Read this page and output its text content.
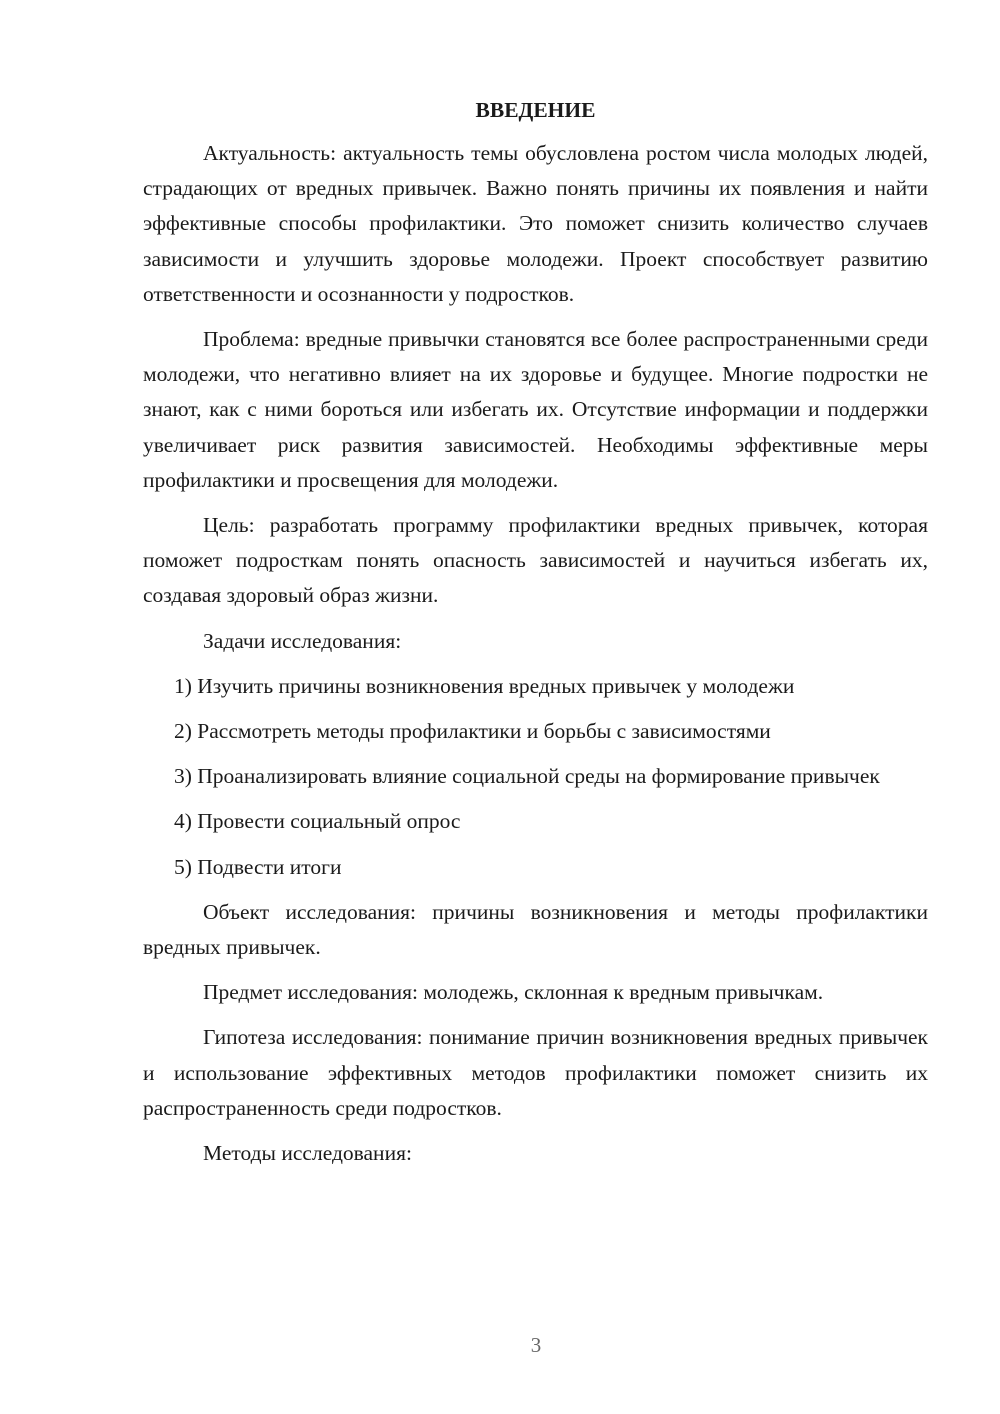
ВВЕДЕНИЕ

Актуальность: актуальность темы обусловлена ростом числа молодых людей, страдающих от вредных привычек. Важно понять причины их появления и найти эффективные способы профилактики. Это поможет снизить количество случаев зависимости и улучшить здоровье молодежи. Проект способствует развитию ответственности и осознанности у подростков.

Проблема: вредные привычки становятся все более распространенными среди молодежи, что негативно влияет на их здоровье и будущее. Многие подростки не знают, как с ними бороться или избегать их. Отсутствие информации и поддержки увеличивает риск развития зависимостей. Необходимы эффективные меры профилактики и просвещения для молодежи.

Цель: разработать программу профилактики вредных привычек, которая поможет подросткам понять опасность зависимостей и научиться избегать их, создавая здоровый образ жизни.

Задачи исследования:

1) Изучить причины возникновения вредных привычек у молодежи

2) Рассмотреть методы профилактики и борьбы с зависимостями

3) Проанализировать влияние социальной среды на формирование привычек

4) Провести социальный опрос

5) Подвести итоги

Объект исследования: причины возникновения и методы профилактики вредных привычек.

Предмет исследования: молодежь, склонная к вредным привычкам.

Гипотеза исследования: понимание причин возникновения вредных привычек и использование эффективных методов профилактики поможет снизить их распространенность среди подростков.

Методы исследования:

3
